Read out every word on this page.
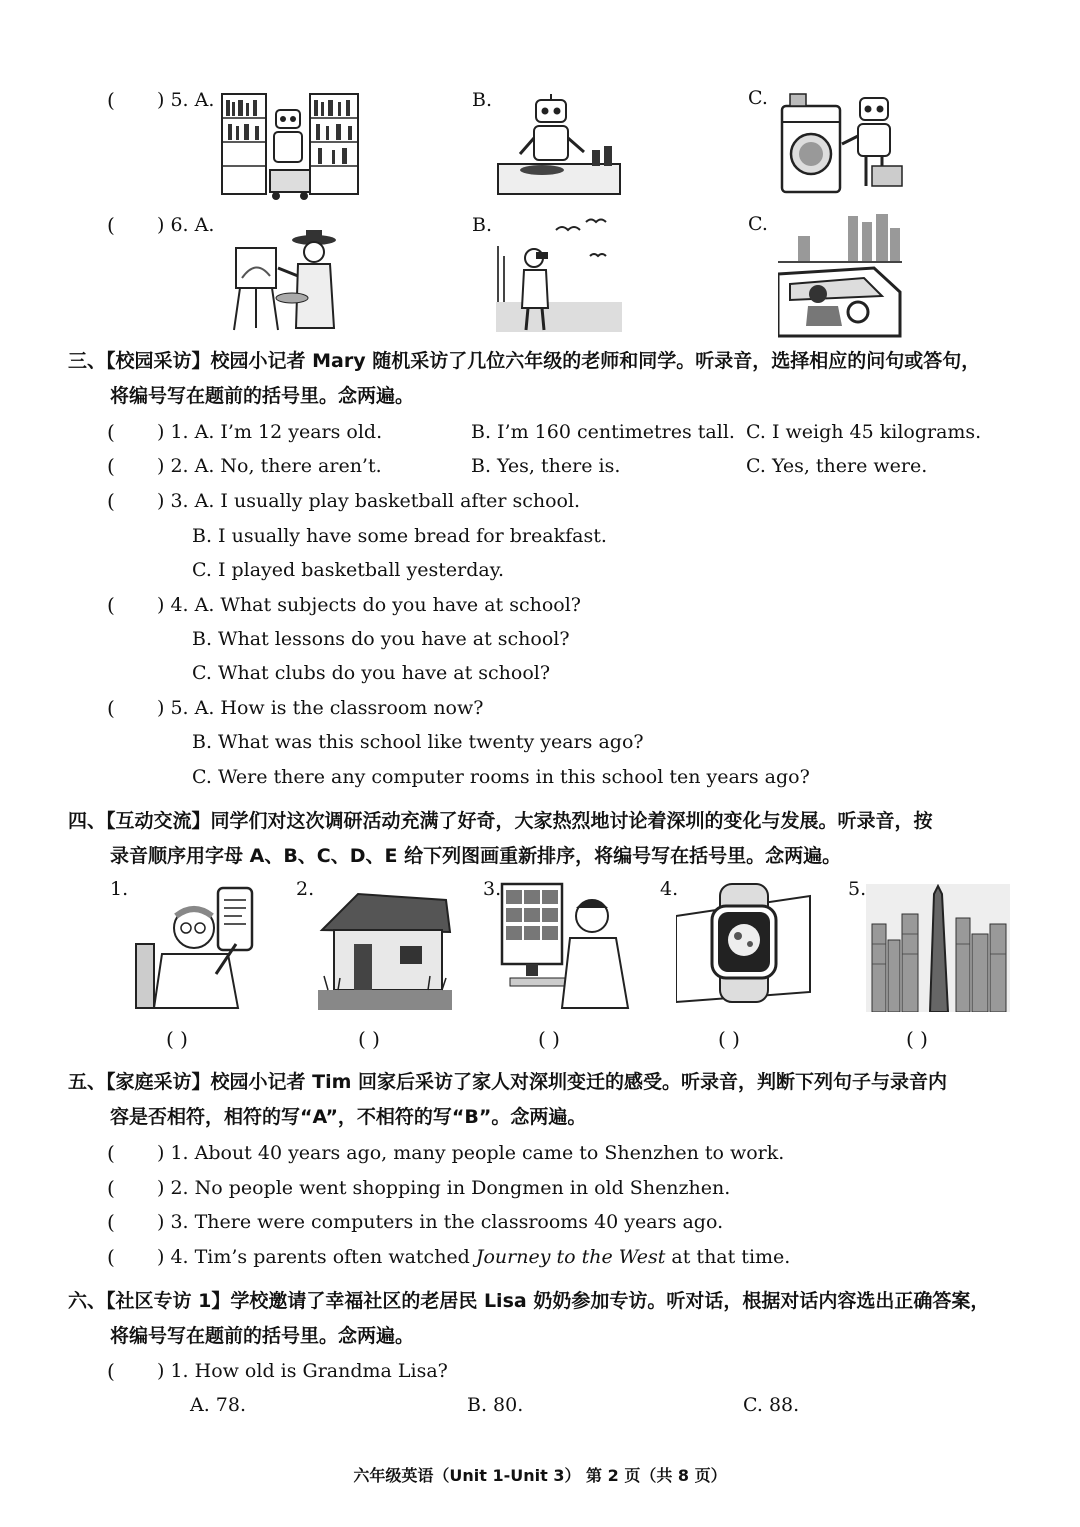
( ) 5. A.	B.	C.
( ) 6. A.	B.	C.
三、【校园采访】校园小记者 Mary 随机采访了几位六年级的老师和同学。听录音，选择相应的问句或答句，
将编号写在题前的括号里。念两遍。
( ) 1. A. I’m 12 years old.	B. I’m 160 centimetres tall. C. I weigh 45 kilograms.
( ) 2. A. No, there aren’t.	B. Yes, there is.	C. Yes, there were.
( ) 3. A. I usually play basketball after school.
B. I usually have some bread for breakfast.
C. I played basketball yesterday.
( ) 4. A. What subjects do you have at school?
B. What lessons do you have at school?
C. What clubs do you have at school?
( ) 5. A. How is the classroom now?
B. What was this school like twenty years ago?
C. Were there any computer rooms in this school ten years ago?
四、【互动交流】同学们对这次调研活动充满了好奇，大家热烈地讨论着深圳的变化与发展。听录音，按
录音顺序用字母 A、B、C、D、E 给下列图画重新排序，将编号写在括号里。念两遍。
1.	2.	3.	4.	5.
( )	( )	( )	( )	( )
五、【家庭采访】校园小记者 Tim 回家后采访了家人对深圳变迁的感受。听录音，判断下列句子与录音内
容是否相符，相符的写“A”，不相符的写“B”。念两遍。
( ) 1. About 40 years ago, many people came to Shenzhen to work.
( ) 2. No people went shopping in Dongmen in old Shenzhen.
( ) 3. There were computers in the classrooms 40 years ago.
( ) 4. Tim’s parents often watched Journey to the West at that time.
六、【社区专访 1】学校邀请了幸福社区的老居民 Lisa 奶奶参加专访。听对话，根据对话内容选出正确答案，
将编号写在题前的括号里。念两遍。
( ) 1. How old is Grandma Lisa?
A. 78.	B. 80.	C. 88.
六年级英语（Unit 1-Unit 3） 第 2 页（共 8 页）
